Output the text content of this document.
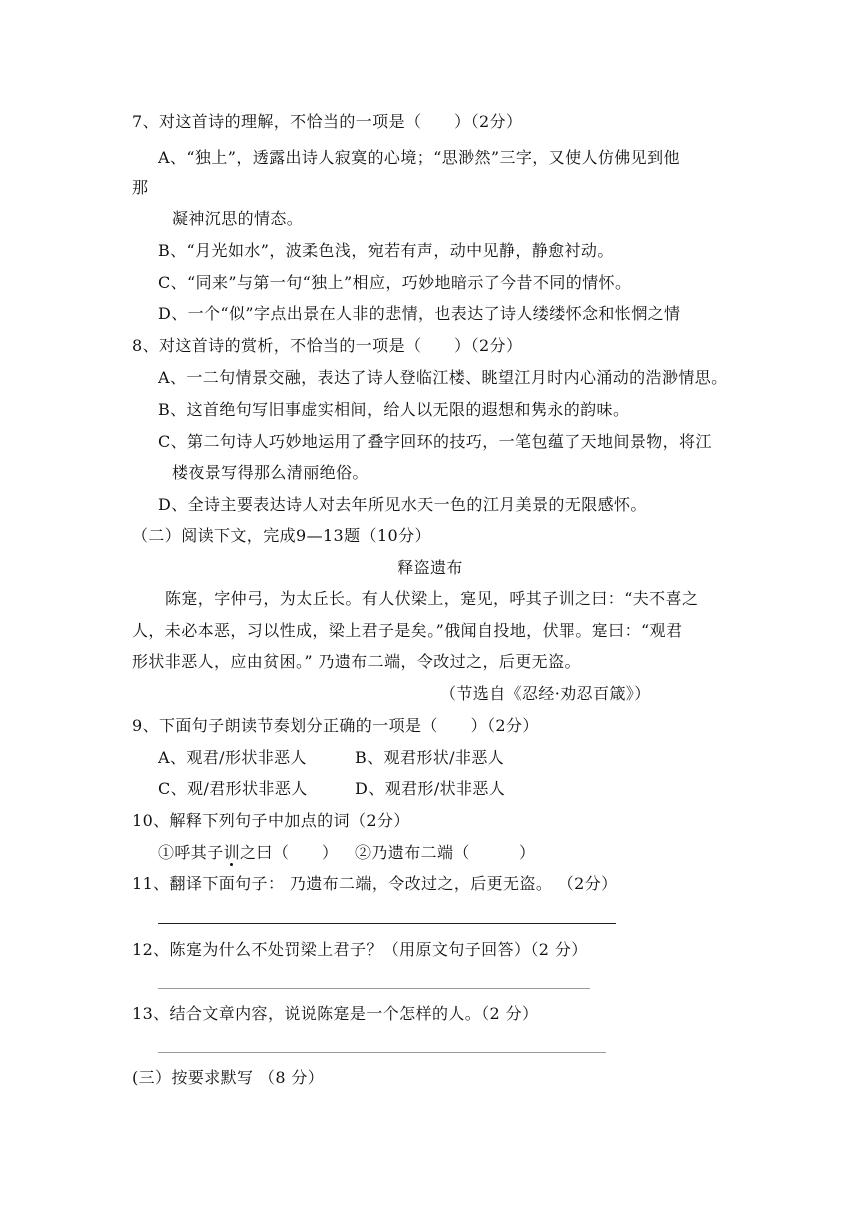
7、对这首诗的理解，不恰当的一项是（　　）（2分）
A、“独上”，透露出诗人寂寞的心境；“思渺然”三字，又使人仿佛见到他
那
凝神沉思的情态。
B、“月光如水”，波柔色浅，宛若有声，动中见静，静愈衬动。
C、“同来”与第一句“独上”相应，巧妙地暗示了今昔不同的情怀。
D、一个“似”字点出景在人非的悲情，也表达了诗人缕缕怀念和怅惘之情
8、对这首诗的赏析，不恰当的一项是（　　）（2分）
A、一二句情景交融，表达了诗人登临江楼、眺望江月时内心涌动的浩渺情思。
B、这首绝句写旧事虚实相间，给人以无限的遐想和隽永的韵味。
C、第二句诗人巧妙地运用了叠字回环的技巧，一笔包蕴了天地间景物，将江
楼夜景写得那么清丽绝俗。
D、全诗主要表达诗人对去年所见水天一色的江月美景的无限感怀。
（二）阅读下文，完成9—13题（10分）
释盗遗布
陈寔，字仲弓，为太丘长。有人伏梁上，寔见，呼其子训之曰：“夫不喜之
人，未必本恶，习以性成，梁上君子是矣。”俄闻自投地，伏罪。寔曰：“观君
形状非恶人，应由贫困。” 乃遗布二端，令改过之，后更无盗。
（节选自《忍经·劝忍百箴》）
9、下面句子朗读节奏划分正确的一项是（　　）（2分）
A、观君/形状非恶人	B、观君形状/非恶人
C、观/君形状非恶人	D、观君形/状非恶人
10、解释下列句子中加点的词（2分）
①呼其子训之曰（　　） ②乃遗布二端（　　　）
11、翻译下面句子： 乃遗布二端，令改过之，后更无盗。 （2分）
12、陈寔为什么不处罚梁上君子？（用原文句子回答）（2 分）
13、结合文章内容，说说陈寔是一个怎样的人。（2 分）
(三）按要求默写 （8 分）
